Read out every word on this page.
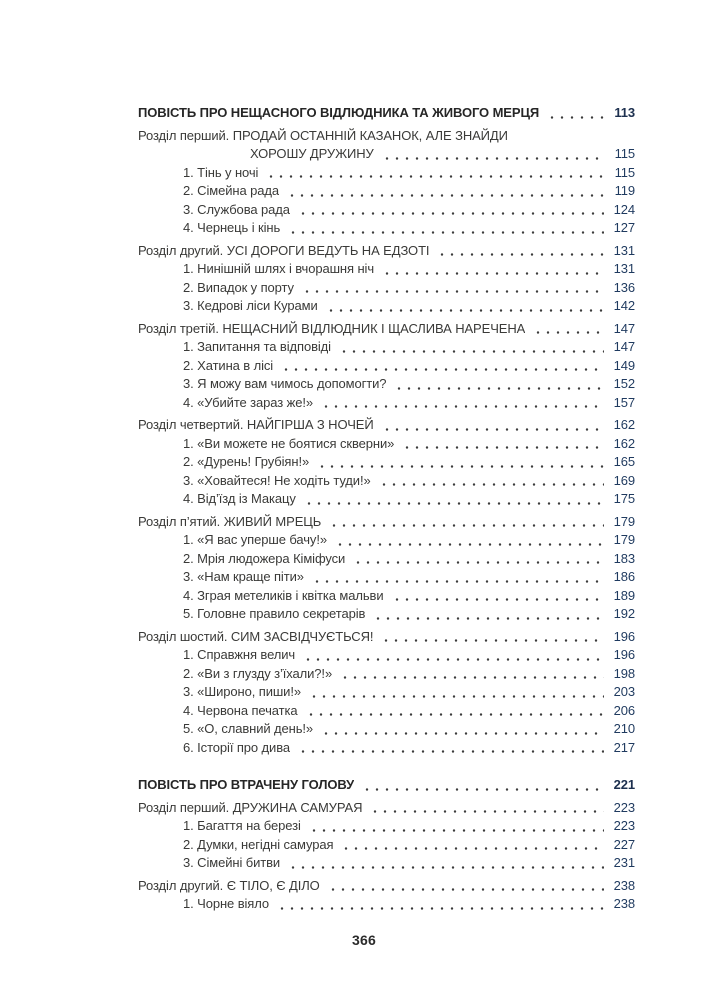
ПОВІСТЬ ПРО НЕЩАСНОГО ВІДЛЮДНИКА ТА ЖИВОГО МЕРЦЯ	113
Розділ перший. ПРОДАЙ ОСТАННІЙ КАЗАНОК, АЛЕ ЗНАЙДИ
ХОРОШУ ДРУЖИНУ	115
1. Тінь у ночі	115
2. Сімейна рада	119
3. Службова рада	124
4. Чернець і кінь	127
Розділ другий. УСІ ДОРОГИ ВЕДУТЬ НА ЕДЗОТІ	131
1. Нинішній шлях і вчорашня ніч	131
2. Випадок у порту	136
3. Кедрові ліси Курами	142
Розділ третій. НЕЩАСНИЙ ВІДЛЮДНИК І ЩАСЛИВА НАРЕЧЕНА	147
1. Запитання та відповіді	147
2. Хатина в лісі	149
3. Я можу вам чимось допомогти?	152
4. «Убийте зараз же!»	157
Розділ четвертий. НАЙГІРША З НОЧЕЙ	162
1. «Ви можете не боятися скверни»	162
2. «Дурень! Грубіян!»	165
3. «Ховайтеся! Не ходіть туди!»	169
4. Від’їзд із Макацу	175
Розділ п’ятий. ЖИВИЙ МРЕЦЬ	179
1. «Я вас уперше бачу!»	179
2. Мрія людожера Кіміфуси	183
3. «Нам краще піти»	186
4. Зграя метеликів і квітка мальви	189
5. Головне правило секретарів	192
Розділ шостий. СИМ ЗАСВІДЧУЄТЬСЯ!	196
1. Справжня велич	196
2. «Ви з глузду з’їхали?!»	198
3. «Широно, пиши!»	203
4. Червона печатка	206
5. «О, славний день!»	210
6. Історії про дива	217
ПОВІСТЬ ПРО ВТРАЧЕНУ ГОЛОВУ	221
Розділ перший. ДРУЖИНА САМУРАЯ	223
1. Багаття на березі	223
2. Думки, негідні самурая	227
3. Сімейні битви	231
Розділ другий. Є ТІЛО, Є ДІЛО	238
1. Чорне віяло	238
366
